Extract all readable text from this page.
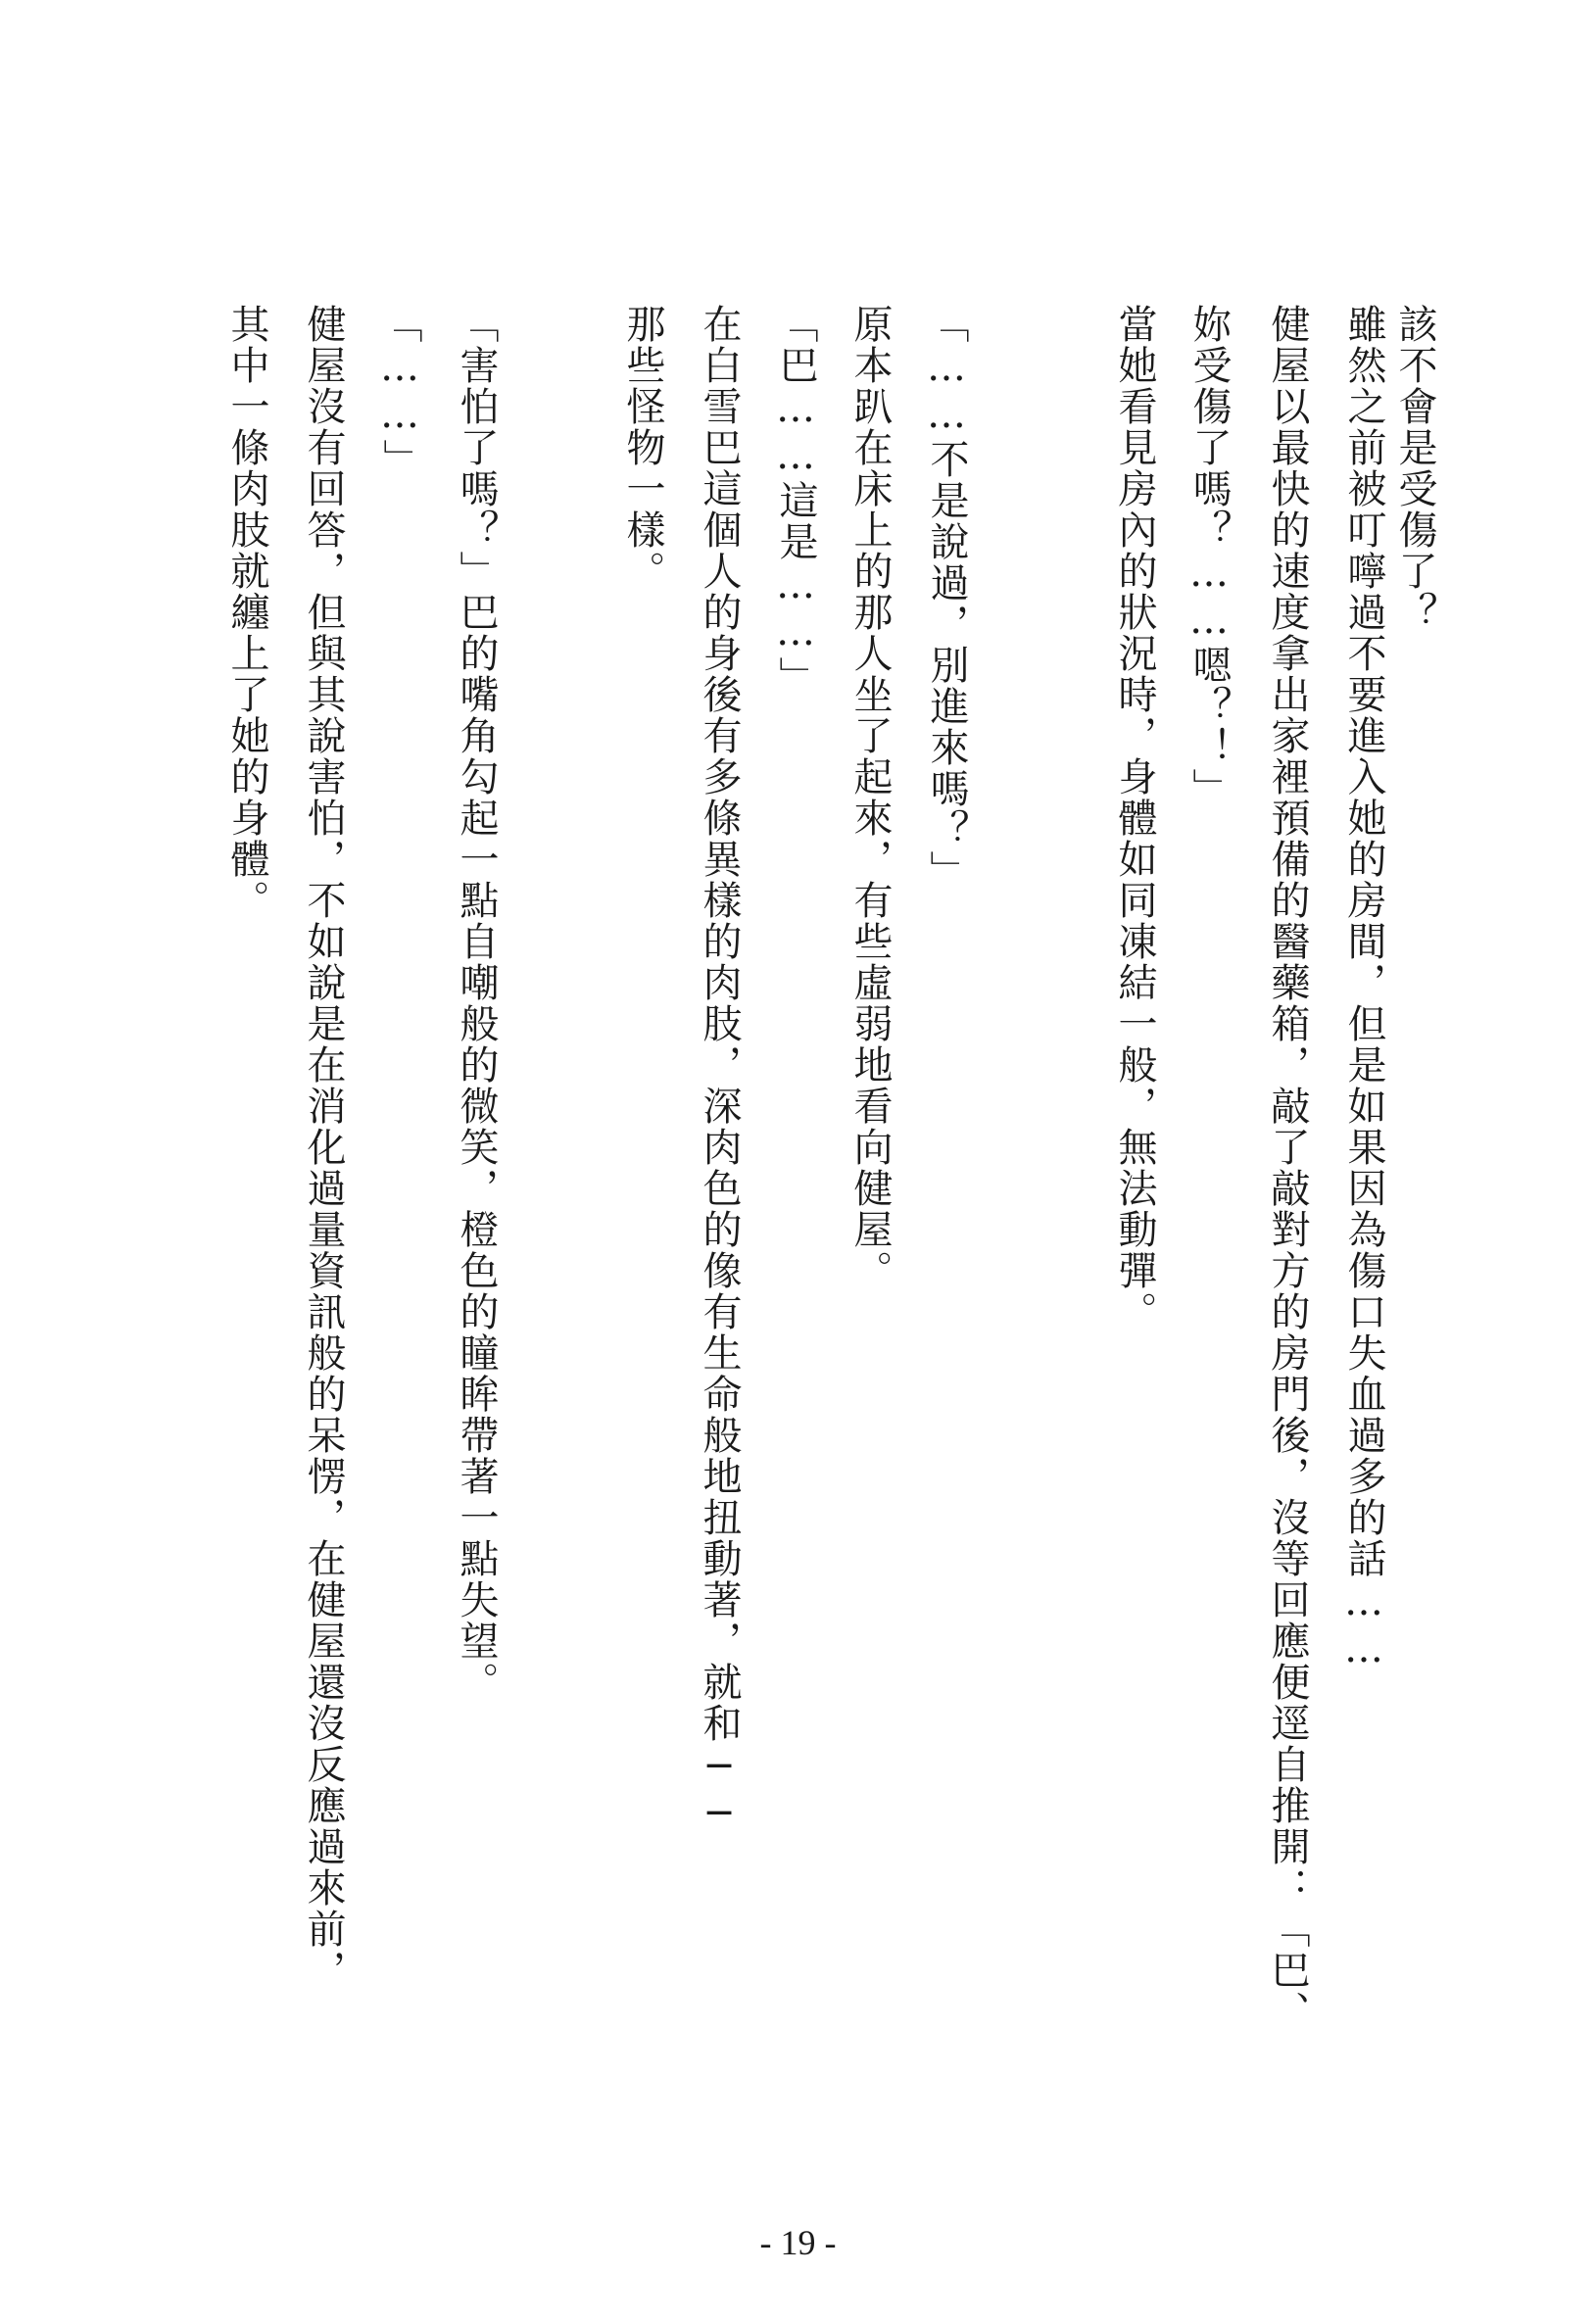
該不會是受傷了？
雖然之前被叮嚀過不要進入她的房間，但是如果因為傷口失血過多的話……
健屋以最快的速度拿出家裡預備的醫藥箱，敲了敲對方的房門後，沒等回應便逕自推開：「巴、
妳受傷了嗎？……嗯？！」
當她看見房內的狀況時，身體如同凍結一般，無法動彈。
「……不是說過，別進來嗎？」
原本趴在床上的那人坐了起來，有些虛弱地看向健屋。
「巴……這是……」
在白雪巴這個人的身後有多條異樣的肉肢，深肉色的像有生命般地扭動著，就和──
那些怪物一樣。
「害怕了嗎？」巴的嘴角勾起一點自嘲般的微笑，橙色的瞳眸帶著一點失望。
「……」
健屋沒有回答，但與其說害怕，不如說是在消化過量資訊般的呆愣，在健屋還沒反應過來前，
其中一條肉肢就纏上了她的身體。
- 19 -
